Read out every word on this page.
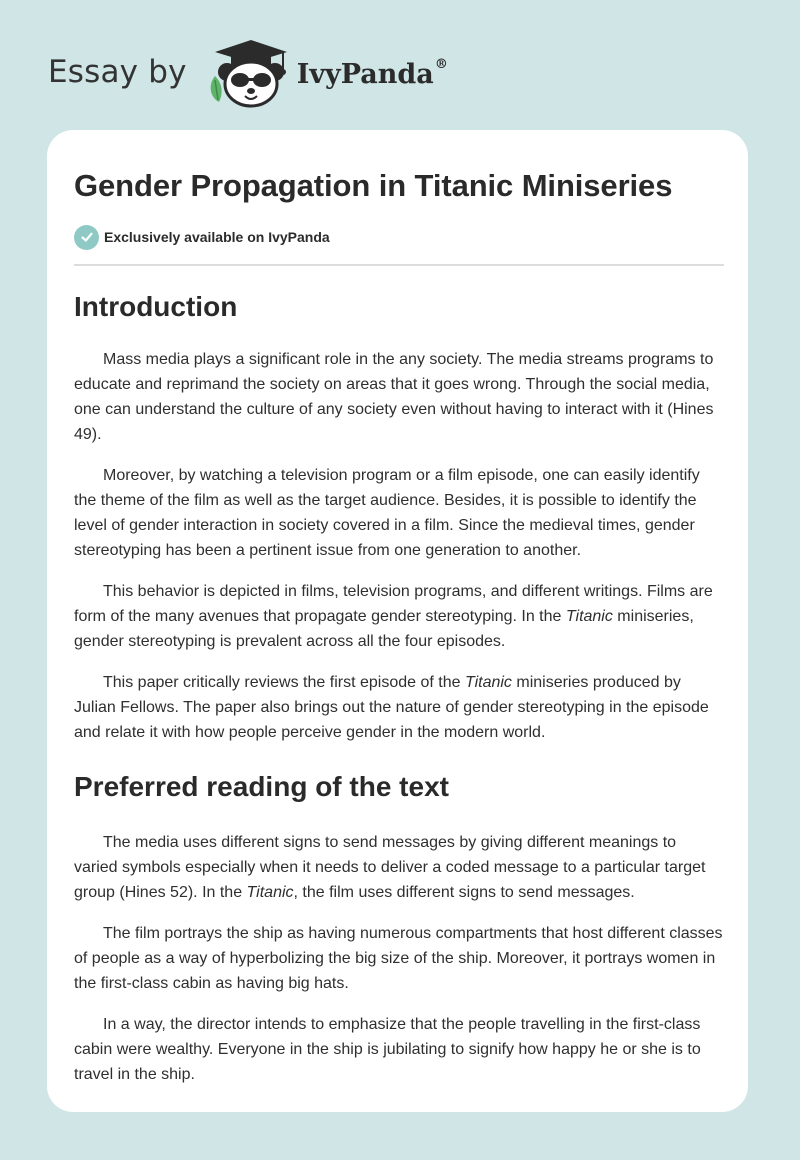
Essay by	IvyPanda®
Gender Propagation in Titanic Miniseries
Exclusively available on IvyPanda
Introduction

Mass media plays a significant role in the any society. The media streams programs to educate and reprimand the society on areas that it goes wrong. Through the social media, one can understand the culture of any society even without having to interact with it (Hines 49).

Moreover, by watching a television program or a film episode, one can easily identify the theme of the film as well as the target audience. Besides, it is possible to identify the level of gender interaction in society covered in a film. Since the medieval times, gender stereotyping has been a pertinent issue from one generation to another.

This behavior is depicted in films, television programs, and different writings. Films are form of the many avenues that propagate gender stereotyping. In the Titanic miniseries, gender stereotyping is prevalent across all the four episodes.

This paper critically reviews the first episode of the Titanic miniseries produced by Julian Fellows. The paper also brings out the nature of gender stereotyping in the episode and relate it with how people perceive gender in the modern world.

Preferred reading of the text

The media uses different signs to send messages by giving different meanings to varied symbols especially when it needs to deliver a coded message to a particular target group (Hines 52). In the Titanic, the film uses different signs to send messages.

The film portrays the ship as having numerous compartments that host different classes of people as a way of hyperbolizing the big size of the ship. Moreover, it portrays women in the first-class cabin as having big hats.

In a way, the director intends to emphasize that the people travelling in the first-class cabin were wealthy. Everyone in the ship is jubilating to signify how happy he or she is to travel in the ship.
